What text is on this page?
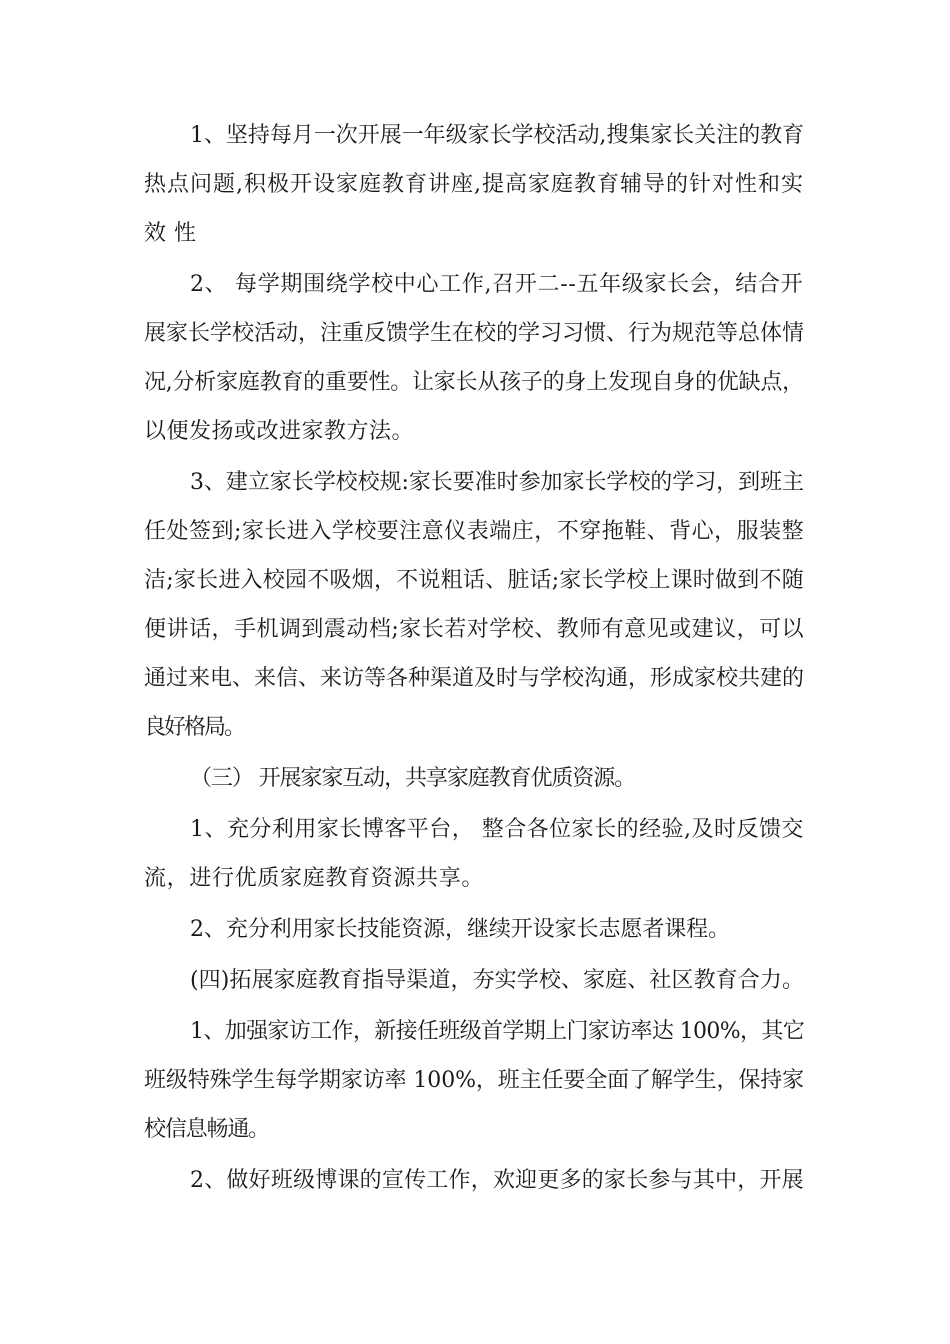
1、坚持每月一次开展一年级家长学校活动,搜集家长关注的教育
热点问题,积极开设家庭教育讲座,提高家庭教育辅导的针对性和实
效性
2、 每学期围绕学校中心工作,召开二--五年级家长会，结合开
展家长学校活动，注重反馈学生在校的学习习惯、行为规范等总体情
况,分析家庭教育的重要性。让家长从孩子的身上发现自身的优缺点，
以便发扬或改进家教方法。
3、建立家长学校校规:家长要准时参加家长学校的学习，到班主
任处签到;家长进入学校要注意仪表端庄，不穿拖鞋、背心，服装整
洁;家长进入校园不吸烟，不说粗话、脏话;家长学校上课时做到不随
便讲话，手机调到震动档;家长若对学校、教师有意见或建议，可以
通过来电、来信、来访等各种渠道及时与学校沟通，形成家校共建的
良好格局。
（三） 开展家家互动，共享家庭教育优质资源。
1、充分利用家长博客平台， 整合各位家长的经验,及时反馈交
流，进行优质家庭教育资源共享。
2、充分利用家长技能资源，继续开设家长志愿者课程。
(四)拓展家庭教育指导渠道，夯实学校、家庭、社区教育合力。
1、加强家访工作，新接任班级首学期上门家访率达 100%，其它
班级特殊学生每学期家访率 100%，班主任要全面了解学生，保持家
校信息畅通。
2、做好班级博课的宣传工作，欢迎更多的家长参与其中，开展
